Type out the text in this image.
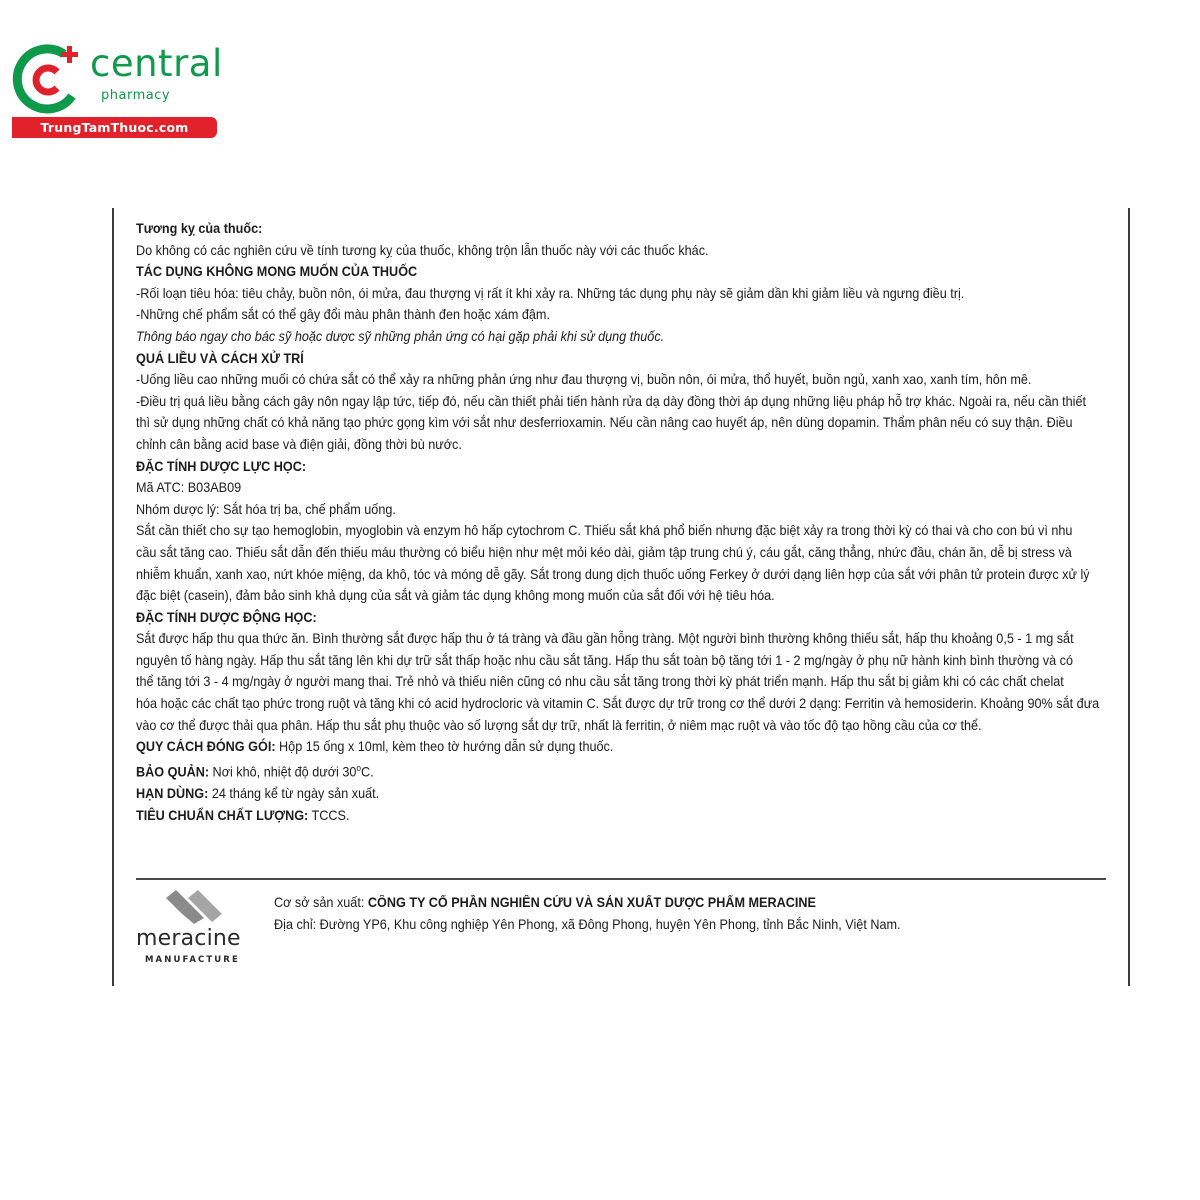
central
pharmacy
TrungTamThuoc.com
Tương kỵ của thuốc:
Do không có các nghiên cứu về tính tương kỵ của thuốc, không trộn lẫn thuốc này với các thuốc khác.
TÁC DỤNG KHÔNG MONG MUỐN CỦA THUỐC
-Rối loạn tiêu hóa: tiêu chảy, buồn nôn, ói mửa, đau thượng vị rất ít khi xảy ra. Những tác dụng phụ này sẽ giảm dần khi giảm liều và ngưng điều trị.
-Những chế phẩm sắt có thể gây đổi màu phân thành đen hoặc xám đậm.
Thông báo ngay cho bác sỹ hoặc dược sỹ những phản ứng có hại gặp phải khi sử dụng thuốc.
QUÁ LIỀU VÀ CÁCH XỬ TRÍ
-Uống liều cao những muối có chứa sắt có thể xảy ra những phản ứng như đau thượng vị, buồn nôn, ói mửa, thổ huyết, buồn ngủ, xanh xao, xanh tím, hôn mê.
-Điều trị quá liều bằng cách gây nôn ngay lập tức, tiếp đó, nếu cần thiết phải tiến hành rửa dạ dày đồng thời áp dụng những liệu pháp hỗ trợ khác. Ngoài ra, nếu cần thiết
thì sử dụng những chất có khả năng tạo phức gọng kìm với sắt như desferrioxamin. Nếu cần nâng cao huyết áp, nên dùng dopamin. Thẩm phân nếu có suy thận. Điều
chỉnh cân bằng acid base và điện giải, đồng thời bù nước.
ĐẶC TÍNH DƯỢC LỰC HỌC:
Mã ATC: B03AB09
Nhóm dược lý: Sắt hóa trị ba, chế phẩm uống.
Sắt cần thiết cho sự tạo hemoglobin, myoglobin và enzym hô hấp cytochrom C. Thiếu sắt khá phổ biến nhưng đặc biệt xảy ra trong thời kỳ có thai và cho con bú vì nhu
cầu sắt tăng cao. Thiếu sắt dẫn đến thiếu máu thường có biểu hiện như mệt mỏi kéo dài, giảm tập trung chú ý, cáu gắt, căng thẳng, nhức đầu, chán ăn, dễ bị stress và
nhiễm khuẩn, xanh xao, nứt khóe miệng, da khô, tóc và móng dễ gãy. Sắt trong dung dịch thuốc uống Ferkey ở dưới dạng liên hợp của sắt với phân tử protein được xử lý
đặc biệt (casein), đảm bảo sinh khả dụng của sắt và giảm tác dụng không mong muốn của sắt đối với hệ tiêu hóa.
ĐẶC TÍNH DƯỢC ĐỘNG HỌC:
Sắt được hấp thu qua thức ăn. Bình thường sắt được hấp thu ở tá tràng và đầu gần hỗng tràng. Một người bình thường không thiếu sắt, hấp thu khoảng 0,5 - 1 mg sắt
nguyên tố hàng ngày. Hấp thu sắt tăng lên khi dự trữ sắt thấp hoặc nhu cầu sắt tăng. Hấp thu sắt toàn bộ tăng tới 1 - 2 mg/ngày ở phụ nữ hành kinh bình thường và có
thể tăng tới 3 - 4 mg/ngày ở người mang thai. Trẻ nhỏ và thiếu niên cũng có nhu cầu sắt tăng trong thời kỳ phát triển mạnh. Hấp thu sắt bị giảm khi có các chất chelat
hóa hoặc các chất tạo phức trong ruột và tăng khi có acid hydrocloric và vitamin C. Sắt được dự trữ trong cơ thể dưới 2 dạng: Ferritin và hemosiderin. Khoảng 90% sắt đưa
vào cơ thể được thải qua phân. Hấp thu sắt phụ thuộc vào số lượng sắt dự trữ, nhất là ferritin, ở niêm mạc ruột và vào tốc độ tạo hồng cầu của cơ thể.
QUY CÁCH ĐÓNG GÓI: Hộp 15 ống x 10ml, kèm theo tờ hướng dẫn sử dụng thuốc.
BẢO QUẢN: Nơi khô, nhiệt độ dưới 30$^o$C.
HẠN DÙNG: 24 tháng kể từ ngày sản xuất.
TIÊU CHUẨN CHẤT LƯỢNG: TCCS.
meracine
MANUFACTURE
Cơ sở sản xuất: CÔNG TY CỔ PHẦN NGHIÊN CỨU VÀ SẢN XUẤT DƯỢC PHẨM MERACINE
Địa chỉ: Đường YP6, Khu công nghiệp Yên Phong, xã Đông Phong, huyện Yên Phong, tỉnh Bắc Ninh, Việt Nam.
